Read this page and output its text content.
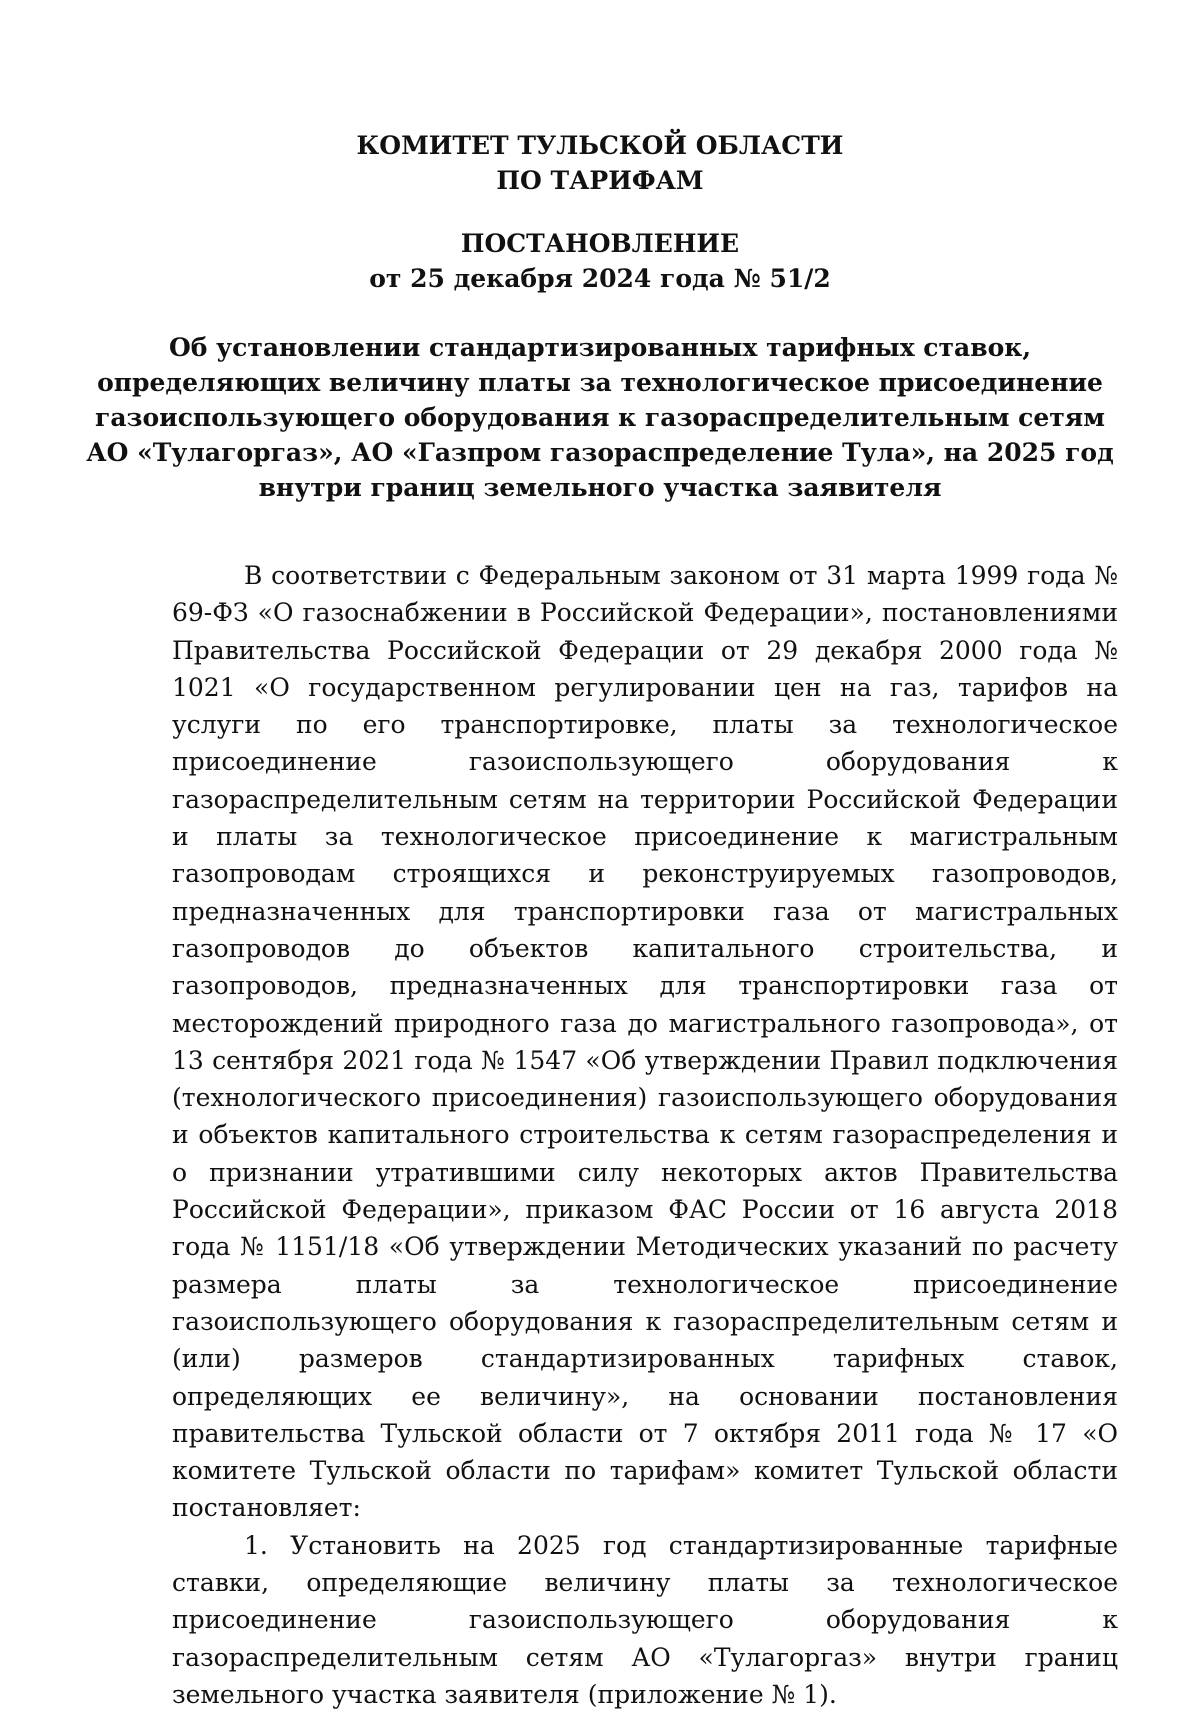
КОМИТЕТ ТУЛЬСКОЙ ОБЛАСТИ
ПО ТАРИФАМ
ПОСТАНОВЛЕНИЕ
от 25 декабря 2024 года № 51/2
Об установлении стандартизированных тарифных ставок,
определяющих величину платы за технологическое присоединение
газоиспользующего оборудования к газораспределительным сетям
АО «Тулагоргаз», АО «Газпром газораспределение Тула», на 2025 год
внутри границ земельного участка заявителя

В соответствии с Федеральным законом от 31 марта 1999 года № 69-ФЗ «О газоснабжении в Российской Федерации», постановлениями Правительства Российской Федерации от 29 декабря 2000 года № 1021 «О государственном регулировании цен на газ, тарифов на услуги по его транспортировке, платы за технологическое присоединение газоиспользующего оборудования к газораспределительным сетям на территории Российской Федерации и платы за технологическое присоединение к магистральным газопроводам строящихся и реконструируемых газопроводов, предназначенных для транспортировки газа от магистральных газопроводов до объектов капитального строительства, и газопроводов, предназначенных для транспортировки газа от месторождений природного газа до магистрального газопровода», от 13 сентября 2021 года № 1547 «Об утверждении Правил подключения (технологического присоединения) газоиспользующего оборудования и объектов капитального строительства к сетям газораспределения и о признании утратившими силу некоторых актов Правительства Российской Федерации», приказом ФАС России от 16 августа 2018 года № 1151/18 «Об утверждении Методических указаний по расчету размера платы за технологическое присоединение газоиспользующего оборудования к газораспределительным сетям и (или) размеров стандартизированных тарифных ставок, определяющих ее величину», на основании постановления правительства Тульской области от 7 октября 2011 года № 17 «О комитете Тульской области по тарифам» комитет Тульской области постановляет:

1. Установить на 2025 год стандартизированные тарифные ставки, определяющие величину платы за технологическое присоединение газоиспользующего оборудования к газораспределительным сетям АО «Тулагоргаз» внутри границ земельного участка заявителя (приложение № 1).
